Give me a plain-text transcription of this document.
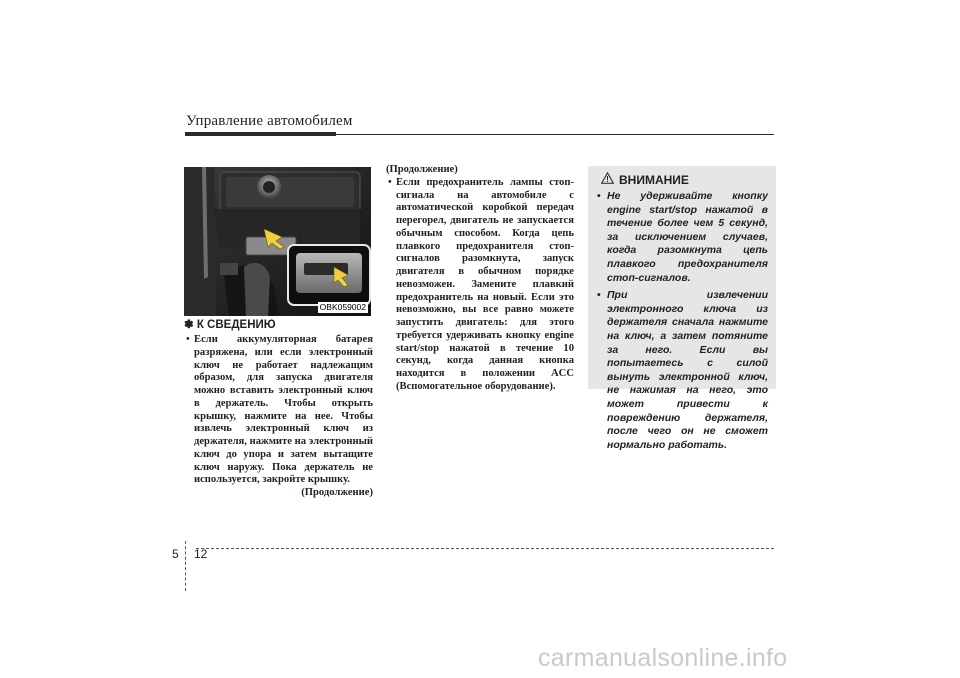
Управление автомобилем
OBK059002
✽ К СВЕДЕНИЮ
• Если аккумуляторная батарея разряжена, или если электронный ключ не работает надлежащим образом, для запуска двигателя можно вставить электронный ключ в держатель. Чтобы открыть крышку, нажмите на нее. Чтобы извлечь электронный ключ из держателя, нажмите на электронный ключ до упора и затем вытащите ключ наружу. Пока держатель не используется, закройте крышку.
(Продолжение)
(Продолжение)
• Если предохранитель лампы стоп-сигнала на автомобиле с автоматической коробкой передач перегорел, двигатель не запускается обычным способом. Когда цепь плавкого предохранителя стоп-сигналов разомкнута, запуск двигателя в обычном порядке невозможен. Замените плавкий предохранитель на новый. Если это невозможно, вы все равно можете запустить двигатель: для этого требуется удерживать кнопку engine start/stop нажатой в течение 10 секунд, когда данная кнопка находится в положении ACC (Вспомогательное оборудование).
ВНИМАНИЕ
• Не удерживайте кнопку engine start/stop нажатой в течение более чем 5 секунд, за исключением случаев, когда разомкнута цепь плавкого предохранителя стоп-сигналов.
• При извлечении электронного ключа из держателя сначала нажмите на ключ, а затем потяните за него. Если вы попытаетесь с силой вынуть электронной ключ, не нажимая на него, это может привести к повреждению держателя, после чего он не сможет нормально работать.
5 12
carmanualsonline.info
